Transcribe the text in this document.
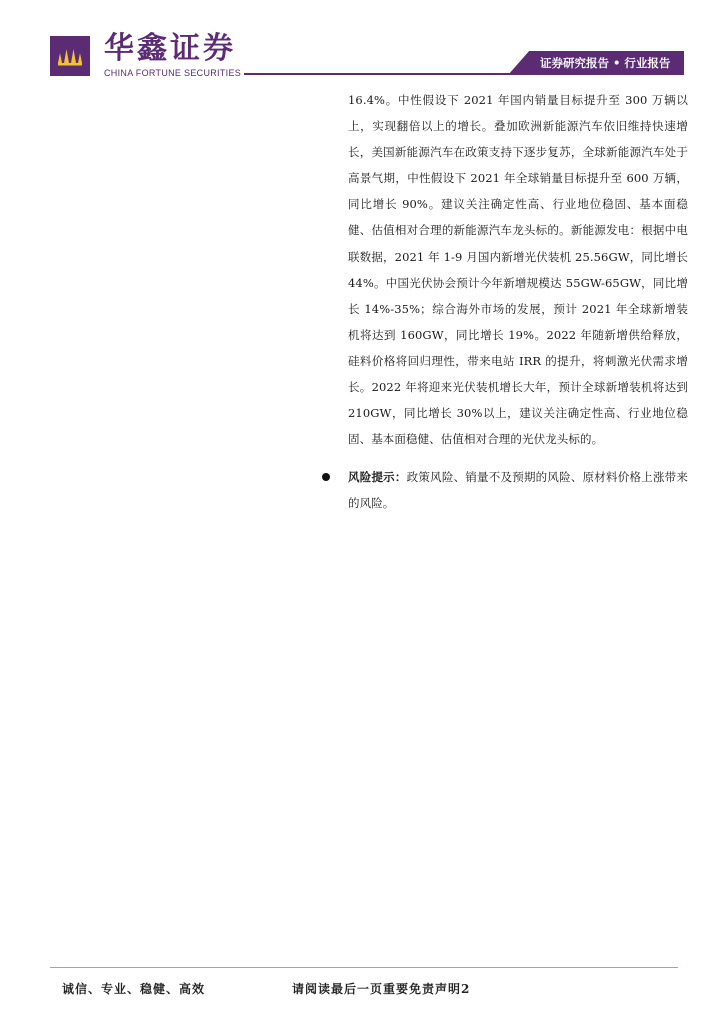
华鑫证券
CHINA FORTUNE SECURITIES
证券研究报告 • 行业报告

16.4%。中性假设下 2021 年国内销量目标提升至 300 万辆以上，实现翻倍以上的增长。叠加欧洲新能源汽车依旧维持快速增长，美国新能源汽车在政策支持下逐步复苏，全球新能源汽车处于高景气期，中性假设下 2021 年全球销量目标提升至 600 万辆，同比增长 90%。建议关注确定性高、行业地位稳固、基本面稳健、估值相对合理的新能源汽车龙头标的。新能源发电：根据中电联数据，2021 年 1-9 月国内新增光伏装机 25.56GW，同比增长 44%。中国光伏协会预计今年新增规模达 55GW-65GW，同比增长 14%-35%；综合海外市场的发展，预计 2021 年全球新增装机将达到 160GW，同比增长 19%。2022 年随新增供给释放，硅料价格将回归理性，带来电站 IRR 的提升，将刺激光伏需求增长。2022 年将迎来光伏装机增长大年，预计全球新增装机将达到 210GW，同比增长 30%以上，建议关注确定性高、行业地位稳固、基本面稳健、估值相对合理的光伏龙头标的。

风险提示：政策风险、销量不及预期的风险、原材料价格上涨带来的风险。

诚信、专业、稳健、高效	请阅读最后一页重要免责声明2
